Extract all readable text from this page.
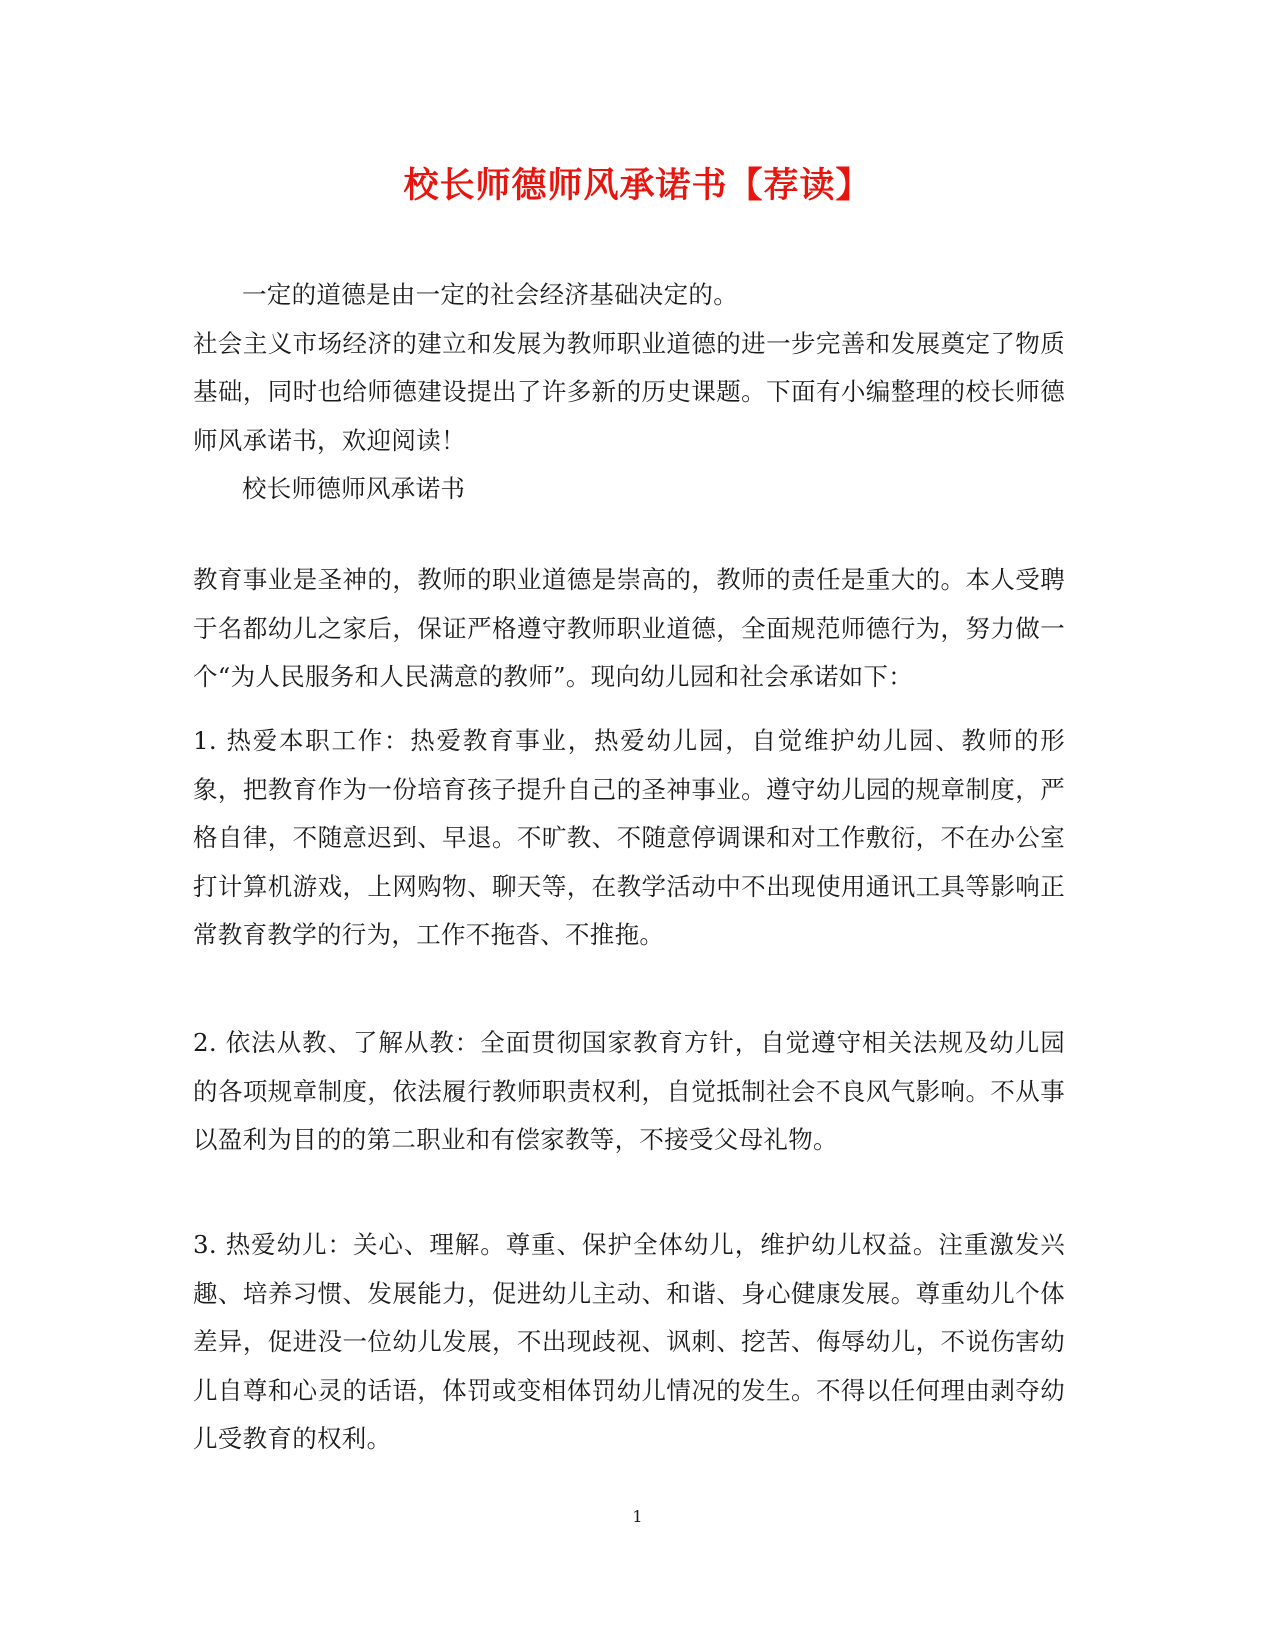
校长师德师风承诺书【荐读】

一定的道德是由一定的社会经济基础决定的。

社会主义市场经济的建立和发展为教师职业道德的进一步完善和发展奠定了物质基础，同时也给师德建设提出了许多新的历史课题。下面有小编整理的校长师德师风承诺书，欢迎阅读！

校长师德师风承诺书

教育事业是圣神的，教师的职业道德是崇高的，教师的责任是重大的。本人受聘于名都幼儿之家后，保证严格遵守教师职业道德，全面规范师德行为，努力做一个“为人民服务和人民满意的教师”。现向幼儿园和社会承诺如下：

1. 热爱本职工作：热爱教育事业，热爱幼儿园，自觉维护幼儿园、教师的形象，把教育作为一份培育孩子提升自己的圣神事业。遵守幼儿园的规章制度，严格自律，不随意迟到、早退。不旷教、不随意停调课和对工作敷衍，不在办公室打计算机游戏，上网购物、聊天等，在教学活动中不出现使用通讯工具等影响正常教育教学的行为，工作不拖沓、不推拖。

2. 依法从教、了解从教：全面贯彻国家教育方针，自觉遵守相关法规及幼儿园的各项规章制度，依法履行教师职责权利，自觉抵制社会不良风气影响。不从事以盈利为目的的第二职业和有偿家教等，不接受父母礼物。

3. 热爱幼儿：关心、理解。尊重、保护全体幼儿，维护幼儿权益。注重激发兴趣、培养习惯、发展能力，促进幼儿主动、和谐、身心健康发展。尊重幼儿个体差异，促进没一位幼儿发展，不出现歧视、讽刺、挖苦、侮辱幼儿，不说伤害幼儿自尊和心灵的话语，体罚或变相体罚幼儿情况的发生。不得以任何理由剥夺幼儿受教育的权利。

1
